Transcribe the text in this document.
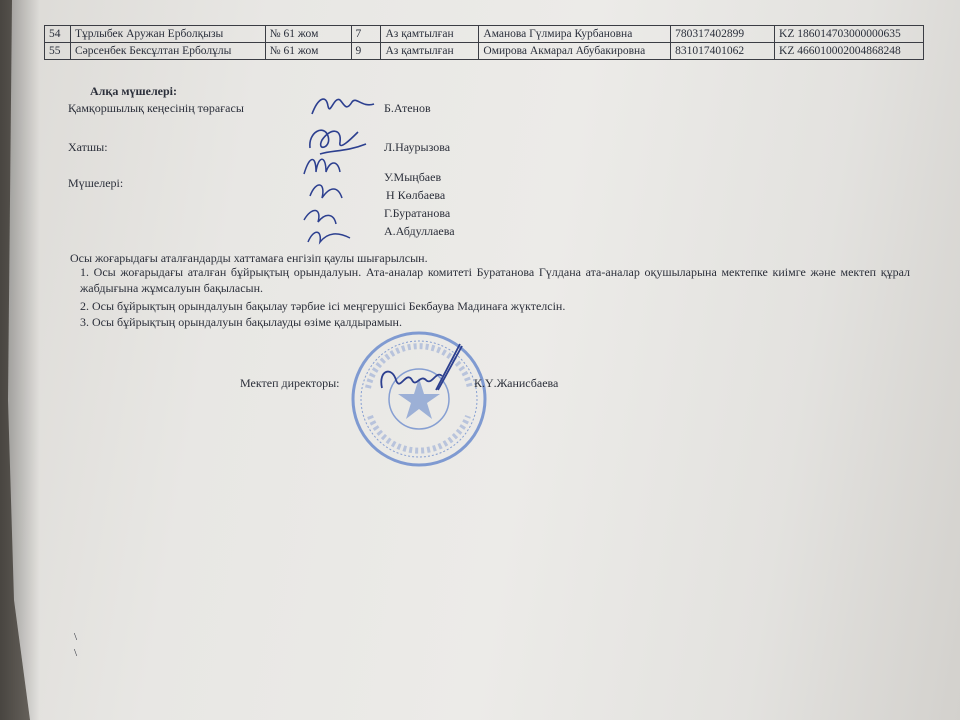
54	Тұрлыбек Аружан Ерболқызы	№ 61 жом	7	Аз қамтылған	Аманова Гүлмира Курбановна	780317402899	KZ 186014703000000635
55	Сәрсенбек Бексұлтан Ерболұлы	№ 61 жом	9	Аз қамтылған	Омирова Акмарал Абубакировна	831017401062	KZ 466010002004868248
Алқа мүшелері:
Қамқоршылық кеңесінің төрағасы	Б.Атенов
Хатшы:	Л.Наурызова
Мүшелері:	У.Мыңбаев
Н Көлбаева
Г.Буратанова
А.Абдуллаева
Осы жоғарыдағы аталғандарды хаттамаға енгізіп қаулы шығарылсын.
1. Осы жоғарыдағы аталған бұйрықтың орындалуын. Ата-аналар комитеті Буратанова Гүлдана ата-аналар оқушыларына мектепке киімге және мектеп құрал жабдығына жұмсалуын бақыласын.
2. Осы бұйрықтың орындалуын бақылау тәрбие ісі меңгерушісі Бекбаувa Мадинаға жүктелсін.
3. Осы бұйрықтың орындалуын бақылауды өзіме қалдырамын.
Мектеп директоры:	К.Ү.Жанисбаева
\
\
